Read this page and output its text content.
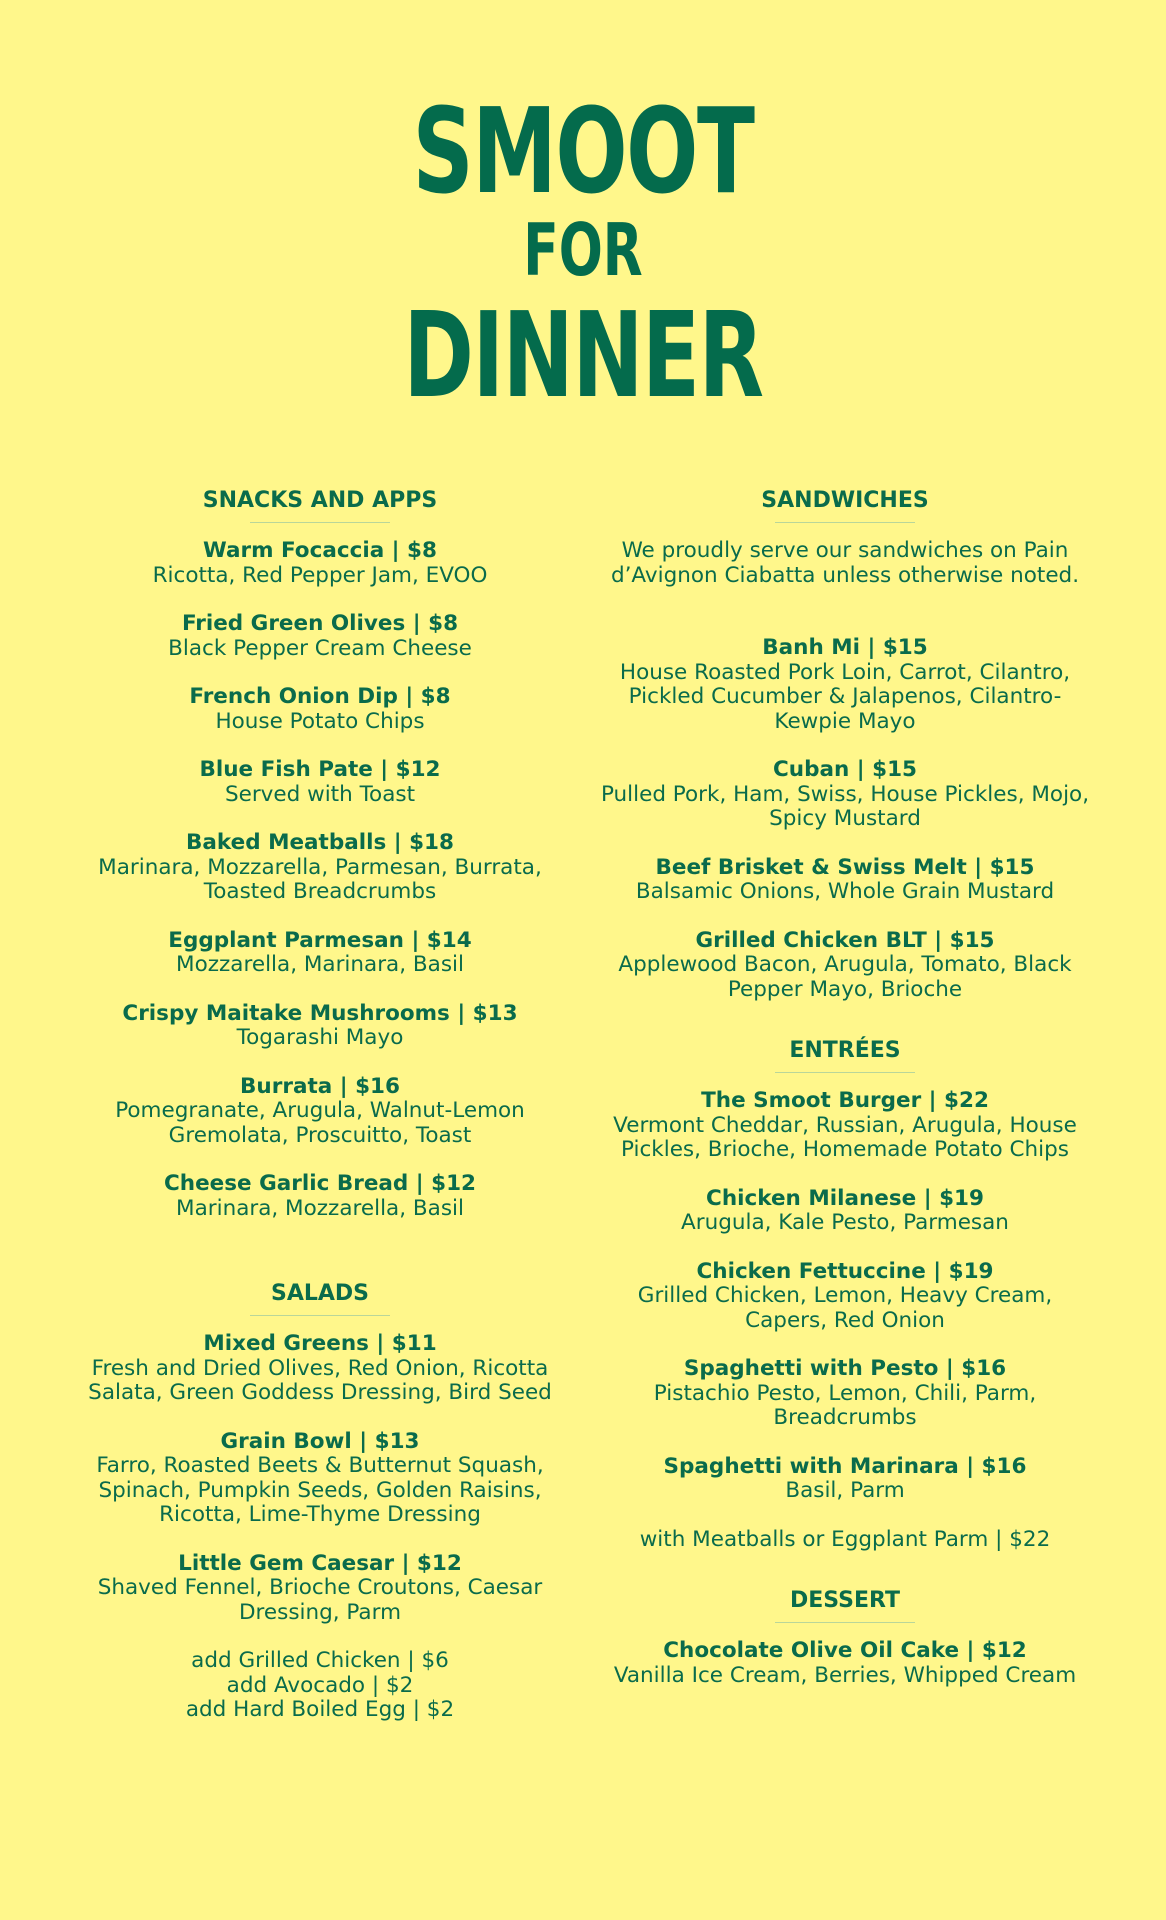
SMOOT
FOR
DINNER
SNACKS AND APPS
Warm Focaccia | $8
Ricotta, Red Pepper Jam, EVOO
Fried Green Olives | $8
Black Pepper Cream Cheese
French Onion Dip | $8
House Potato Chips
Blue Fish Pate | $12
Served with Toast
Baked Meatballs | $18
Marinara, Mozzarella, Parmesan, Burrata, Toasted Breadcrumbs
Eggplant Parmesan | $14
Mozzarella, Marinara, Basil
Crispy Maitake Mushrooms | $13
Togarashi Mayo
Burrata | $16
Pomegranate, Arugula, Walnut-Lemon Gremolata, Proscuitto, Toast
Cheese Garlic Bread | $12
Marinara, Mozzarella, Basil
SALADS
Mixed Greens | $11
Fresh and Dried Olives, Red Onion, Ricotta Salata, Green Goddess Dressing, Bird Seed
Grain Bowl | $13
Farro, Roasted Beets & Butternut Squash, Spinach, Pumpkin Seeds, Golden Raisins, Ricotta, Lime-Thyme Dressing
Little Gem Caesar | $12
Shaved Fennel, Brioche Croutons, Caesar Dressing, Parm
add Grilled Chicken | $6
add Avocado | $2
add Hard Boiled Egg | $2
SANDWICHES
We proudly serve our sandwiches on Pain d’Avignon Ciabatta unless otherwise noted.
Banh Mi | $15
House Roasted Pork Loin, Carrot, Cilantro, Pickled Cucumber & Jalapenos, Cilantro-Kewpie Mayo
Cuban | $15
Pulled Pork, Ham, Swiss, House Pickles, Mojo, Spicy Mustard
Beef Brisket & Swiss Melt | $15
Balsamic Onions, Whole Grain Mustard
Grilled Chicken BLT | $15
Applewood Bacon, Arugula, Tomato, Black Pepper Mayo, Brioche
ENTRÉES
The Smoot Burger | $22
Vermont Cheddar, Russian, Arugula, House Pickles, Brioche, Homemade Potato Chips
Chicken Milanese | $19
Arugula, Kale Pesto, Parmesan
Chicken Fettuccine | $19
Grilled Chicken, Lemon, Heavy Cream, Capers, Red Onion
Spaghetti with Pesto | $16
Pistachio Pesto, Lemon, Chili, Parm, Breadcrumbs
Spaghetti with Marinara | $16
Basil, Parm
with Meatballs or Eggplant Parm | $22
DESSERT
Chocolate Olive Oil Cake | $12
Vanilla Ice Cream, Berries, Whipped Cream
